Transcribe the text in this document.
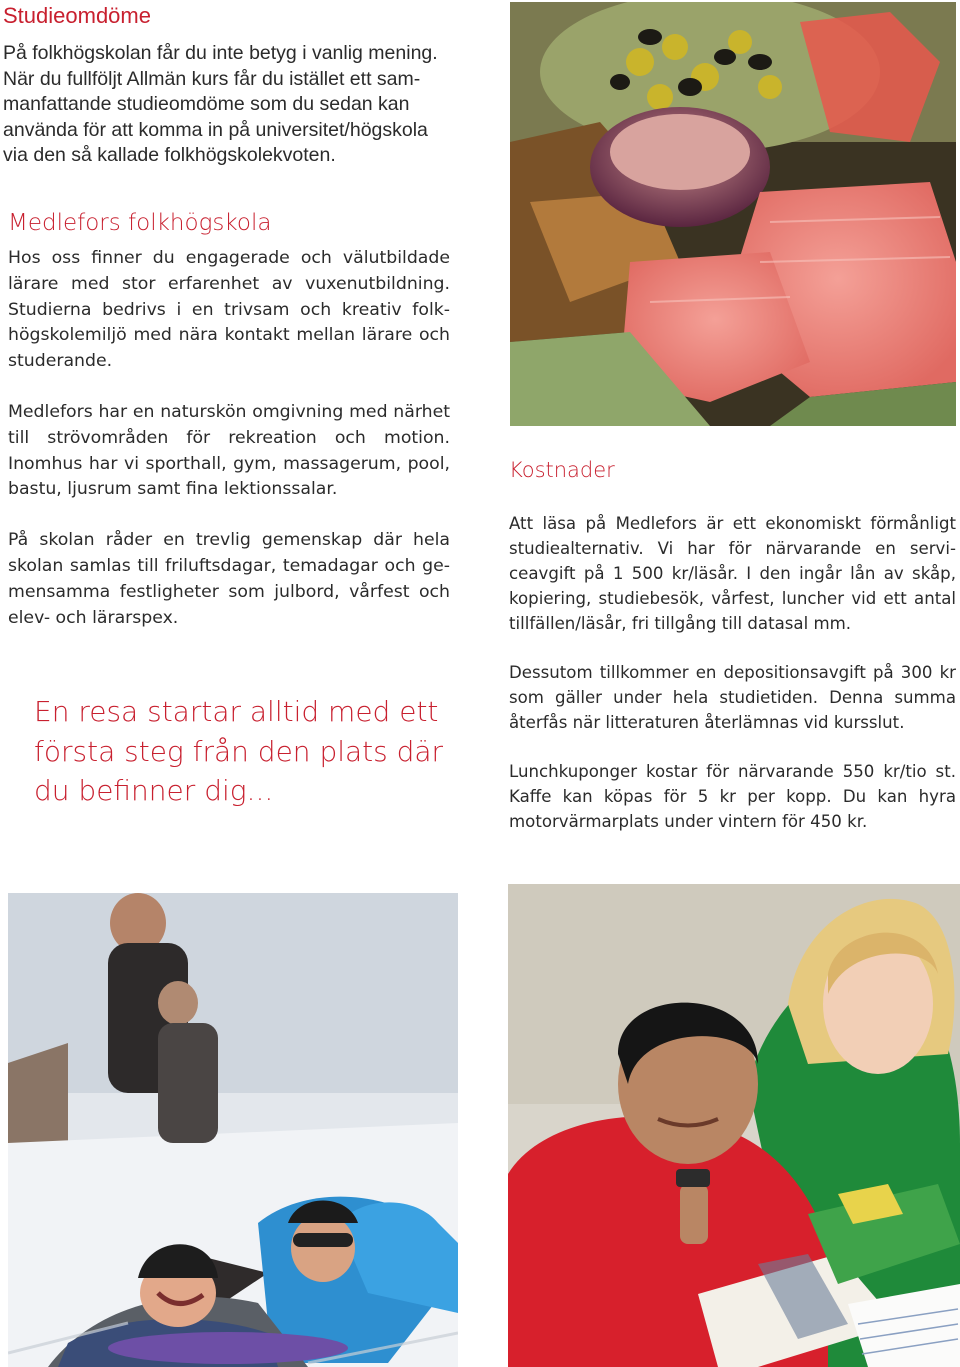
Studieomdöme

På folkhögskolan får du inte betyg i vanlig mening. När du fullföljt Allmän kurs får du istället ett sammanfattande studieomdöme som du sedan kan använda för att komma in på universitet/högskola via den så kallade folkhögskolekvoten.

Medlefors folkhögskola

Hos oss finner du engagerade och välutbildade lärare med stor erfarenhet av vuxenutbildning. Studierna bedrivs i en trivsam och kreativ folkhögskolemiljö med nära kontakt mellan lärare och studerande.

Medlefors har en naturskön omgivning med närhet till strövområden för rekreation och motion. Inomhus har vi sporthall, gym, massagerum, pool, bastu, ljusrum samt fina lektionssalar.

På skolan råder en trevlig gemenskap där hela skolan samlas till friluftsdagar, temadagar och gemensamma festligheter som julbord, vårfest och elev- och lärarspex.

En resa startar alltid med ett första steg från den plats där du befinner dig...

Kostnader

Att läsa på Medlefors är ett ekonomiskt förmånligt studiealternativ. Vi har för närvarande en serviceavgift på 1 500 kr/läsår. I den ingår lån av skåp, kopiering, studiebesök, vårfest, luncher vid ett antal tillfällen/läsår, fri tillgång till datasal mm.

Dessutom tillkommer en depositionsavgift på 300 kr som gäller under hela studietiden. Denna summa återfås när litteraturen återlämnas vid kursslut.

Lunchkuponger kostar för närvarande 550 kr/tio st. Kaffe kan köpas för 5 kr per kopp. Du kan hyra motorvärmarplats under vintern för 450 kr.
